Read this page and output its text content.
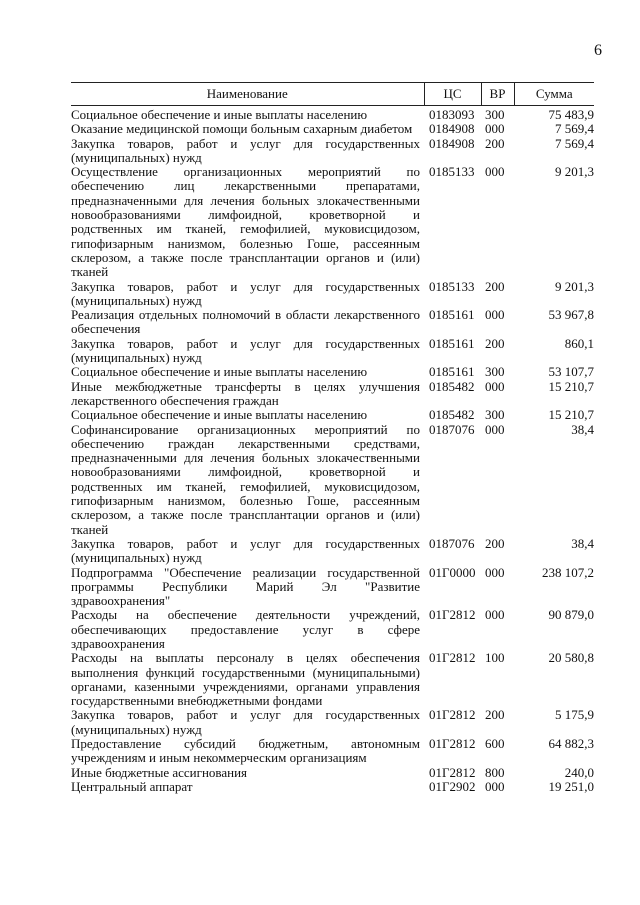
6
Наименование	ЦС	ВР	Сумма
Социальное обеспечение и иные выплаты населению	0183093	300	75 483,9
Оказание медицинской помощи больным сахарным диабетом	0184908	000	7 569,4
Закупка товаров, работ и услуг для государственных (муниципальных) нужд	0184908	200	7 569,4
Осуществление организационных мероприятий по обеспечению лиц лекарственными препаратами, предназначенными для лечения больных злокачественными новообразованиями лимфоидной, кроветворной и родственных им тканей, гемофилией, муковисцидозом, гипофизарным нанизмом, болезнью Гоше, рассеянным склерозом, а также после трансплантации органов и (или) тканей	0185133	000	9 201,3
Закупка товаров, работ и услуг для государственных (муниципальных) нужд	0185133	200	9 201,3
Реализация отдельных полномочий в области лекарственного обеспечения	0185161	000	53 967,8
Закупка товаров, работ и услуг для государственных (муниципальных) нужд	0185161	200	860,1
Социальное обеспечение и иные выплаты населению	0185161	300	53 107,7
Иные межбюджетные трансферты в целях улучшения лекарственного обеспечения граждан	0185482	000	15 210,7
Социальное обеспечение и иные выплаты населению	0185482	300	15 210,7
Софинансирование организационных мероприятий по обеспечению граждан лекарственными средствами, предназначенными для лечения больных злокачественными новообразованиями лимфоидной, кроветворной и родственных им тканей, гемофилией, муковисцидозом, гипофизарным нанизмом, болезнью Гоше, рассеянным склерозом, а также после трансплантации органов и (или) тканей	0187076	000	38,4
Закупка товаров, работ и услуг для государственных (муниципальных) нужд	0187076	200	38,4
Подпрограмма "Обеспечение реализации государственной программы Республики Марий Эл "Развитие здравоохранения"	01Г0000	000	238 107,2
Расходы на обеспечение деятельности учреждений, обеспечивающих предоставление услуг в сфере здравоохранения	01Г2812	000	90 879,0
Расходы на выплаты персоналу в целях обеспечения выполнения функций государственными (муниципальными) органами, казенными учреждениями, органами управления государственными внебюджетными фондами	01Г2812	100	20 580,8
Закупка товаров, работ и услуг для государственных (муниципальных) нужд	01Г2812	200	5 175,9
Предоставление субсидий бюджетным, автономным учреждениям и иным некоммерческим организациям	01Г2812	600	64 882,3
Иные бюджетные ассигнования	01Г2812	800	240,0
Центральный аппарат	01Г2902	000	19 251,0
